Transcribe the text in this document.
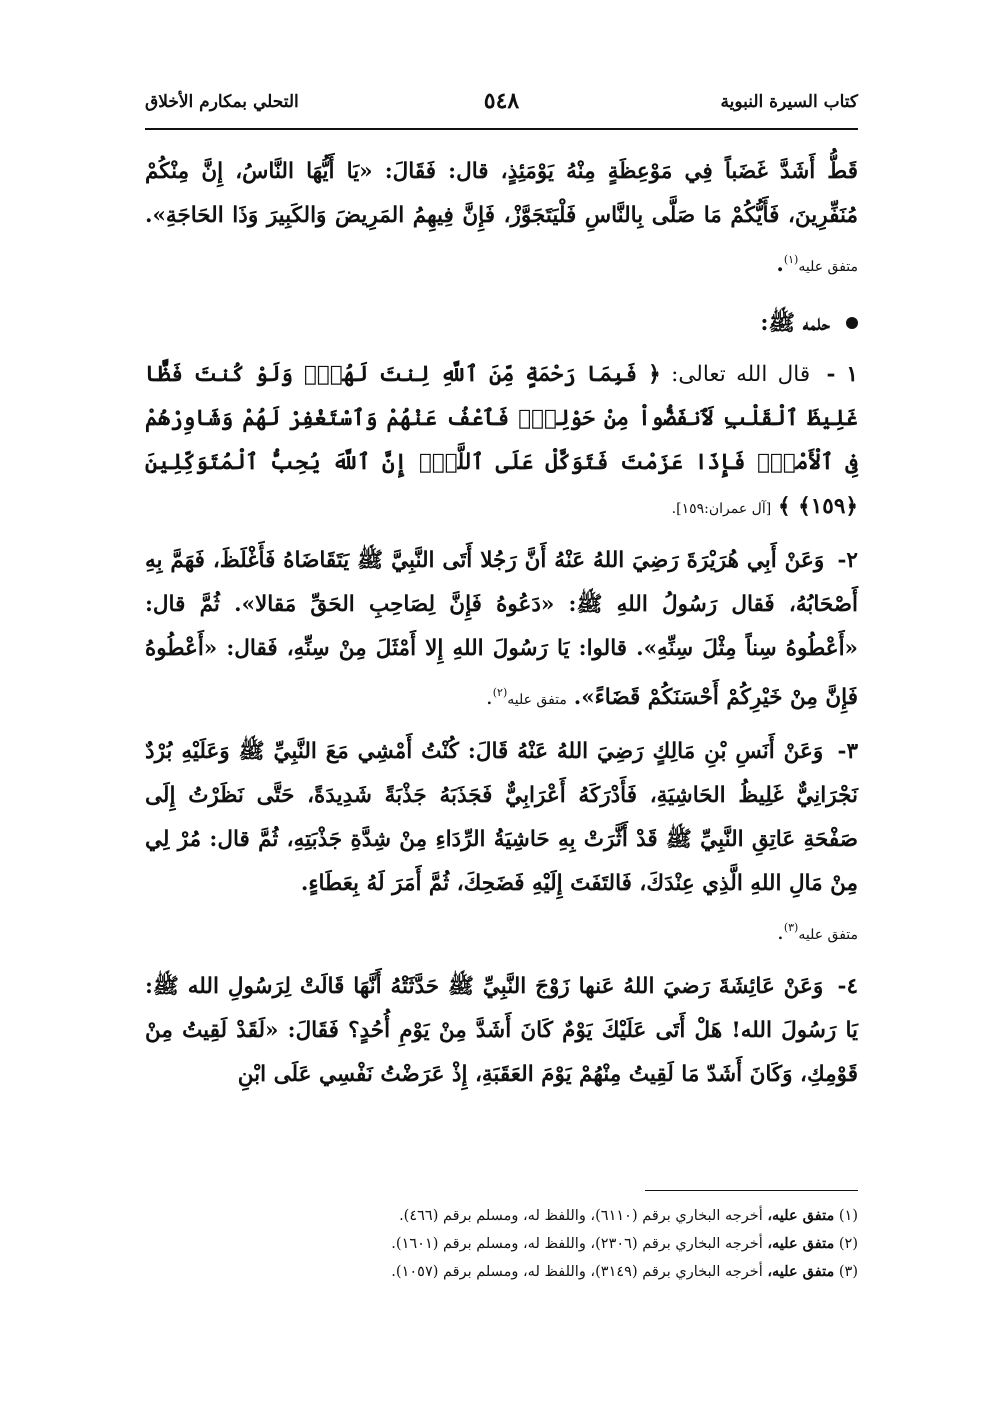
كتاب السيرة النبوية
٥٤٨
التحلي بمكارم الأخلاق

قَطُّ أَشَدَّ غَضَباً فِي مَوْعِظَةٍ مِنْهُ يَوْمَئِذٍ، قال: فَقَالَ: «يَا أَيُّهَا النَّاسُ، إِنَّ مِنْكُمْ مُنَفِّرِينَ، فَأَيُّكُمْ مَا صَلَّى بِالنَّاسِ فَلْيَتَجَوَّزْ، فَإِنَّ فِيهِمُ المَرِيضَ وَالكَبِيرَ وَذَا الحَاجَةِ». متفق عليه$^{(١)}$.

حلمه ﷺ:

١ - قال الله تعالى: ﴿ فَبِمَا رَحْمَةٍ مِّنَ ٱللَّهِ لِنتَ لَهُمْۖ وَلَوْ كُنتَ فَظًّا غَلِيظَ ٱلْقَلْبِ لَٱنفَضُّواْ مِنْ حَوْلِكَۖ فَٱعْفُ عَنْهُمْ وَٱسْتَغْفِرْ لَهُمْ وَشَاوِرْهُمْ فِى ٱلْأَمْرِۖ فَإِذَا عَزَمْتَ فَتَوَكَّلْ عَلَى ٱللَّهِۚ إِنَّ ٱللَّهَ يُحِبُّ ٱلْمُتَوَكِّلِينَ ﴿١٥٩﴾ ﴾ [آل عمران:١٥٩].

٢- وَعَنْ أَبِي هُرَيْرَةَ رَضِيَ اللهُ عَنْهُ أَنَّ رَجُلا أَتَى النَّبِيَّ ﷺ يَتَقَاضَاهُ فَأَغْلَظَ، فَهَمَّ بِهِ أَصْحَابُهُ، فَقال رَسُولُ اللهِ ﷺ: «دَعُوهُ فَإِنَّ لِصَاحِبِ الحَقِّ مَقالا». ثُمَّ قال: «أَعْطُوهُ سِناً مِثْلَ سِنِّهِ». قالوا: يَا رَسُولَ اللهِ إِلا أَمْثَلَ مِنْ سِنِّهِ، فَقال: «أَعْطُوهُ فَإِنَّ مِنْ خَيْرِكُمْ أَحْسَنَكُمْ قَضَاءً». متفق عليه$^{(٢)}$.

٣- وَعَنْ أَنَسِ بْنِ مَالِكٍ رَضِيَ اللهُ عَنْهُ قَالَ: كُنْتُ أَمْشِي مَعَ النَّبِيِّ ﷺ وَعَلَيْهِ بُرْدٌ نَجْرَانِيٌّ غَلِيظُ الحَاشِيَةِ، فَأَدْرَكَهُ أَعْرَابِيٌّ فَجَذَبَهُ جَذْبَةً شَدِيدَةً، حَتَّى نَظَرْتُ إِلَى صَفْحَةِ عَاتِقِ النَّبِيِّ ﷺ قَدْ أَثَّرَتْ بِهِ حَاشِيَةُ الرِّدَاءِ مِنْ شِدَّةِ جَذْبَتِهِ، ثُمَّ قال: مُرْ لِي مِنْ مَالِ اللهِ الَّذِي عِنْدَكَ، فَالتَفَتَ إِلَيْهِ فَضَحِكَ، ثُمَّ أَمَرَ لَهُ بِعَطَاءٍ.
متفق عليه$^{(٣)}$.

٤- وَعَنْ عَائِشَةَ رَضيَ اللهُ عَنها زَوْجَ النَّبِيِّ ﷺ حَدَّثَتْهُ أَنَّهَا قَالَتْ لِرَسُولِ الله ﷺ: يَا رَسُولَ الله! هَلْ أَتَى عَلَيْكَ يَوْمٌ كَانَ أَشَدَّ مِنْ يَوْمِ أُحُدٍ؟ فَقَالَ: «لَقَدْ لَقِيتُ مِنْ قَوْمِكِ، وَكَانَ أَشَدّ مَا لَقِيتُ مِنْهُمْ يَوْمَ العَقَبَةِ، إِذْ عَرَضْتُ نَفْسِي عَلَى ابْنِ

(١) متفق عليه، أخرجه البخاري برقم (٦١١٠)، واللفظ له، ومسلم برقم (٤٦٦).

(٢) متفق عليه، أخرجه البخاري برقم (٢٣٠٦)، واللفظ له، ومسلم برقم (١٦٠١).

(٣) متفق عليه، أخرجه البخاري برقم (٣١٤٩)، واللفظ له، ومسلم برقم (١٠٥٧).
